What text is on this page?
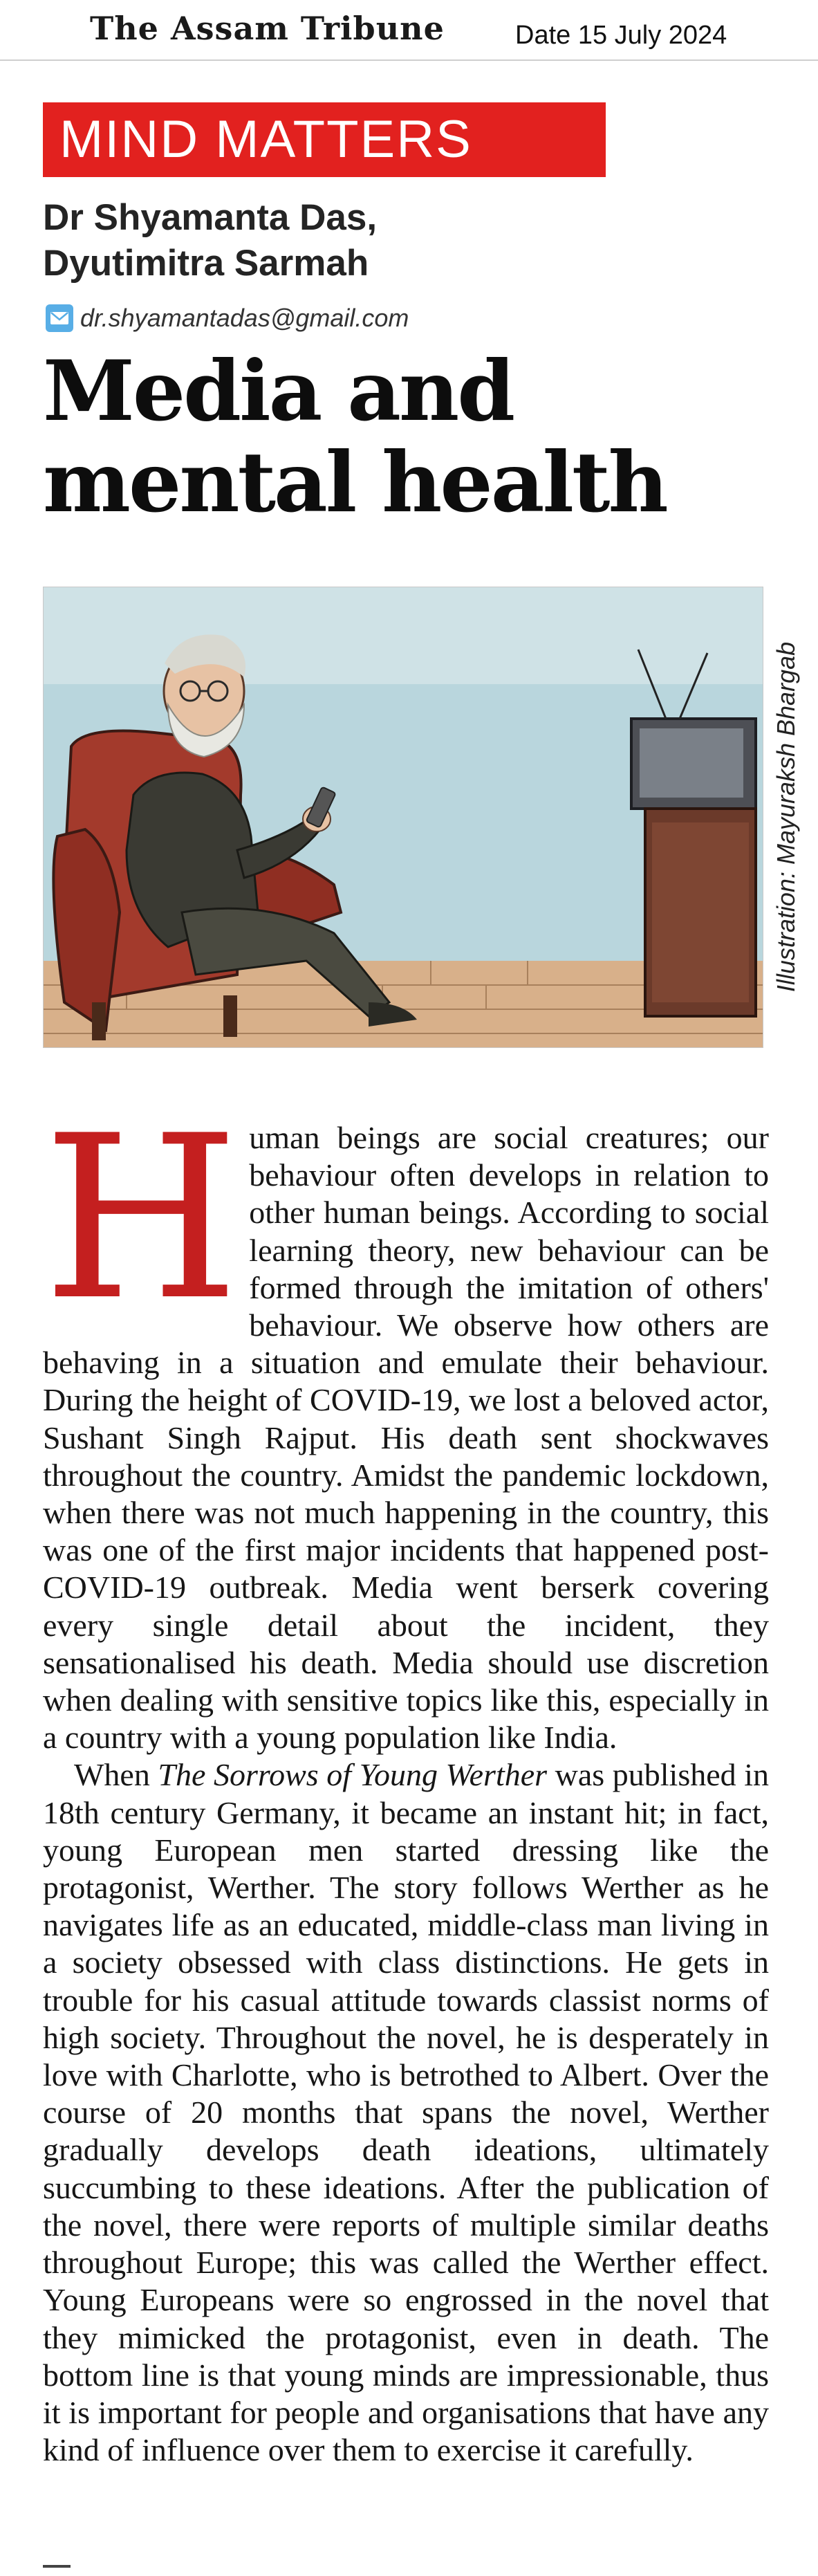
The Assam Tribune	Date 15 July 2024
MIND MATTERS
Dr Shyamanta Das,
Dyutimitra Sarmah
dr.shyamantadas@gmail.com
Media and
mental health
Illustration: Mayuraksh Bhargab

Human beings are social creatures; our behaviour often develops in relation to other human beings. According to social learning theory, new behaviour can be formed through the imitation of others' behaviour. We observe how others are behaving in a situation and emulate their behaviour. During the height of COVID-19, we lost a beloved actor, Sushant Singh Rajput. His death sent shockwaves throughout the country. Amidst the pandemic lockdown, when there was not much happening in the country, this was one of the first major incidents that happened post-COVID-19 outbreak. Media went berserk covering every single detail about the incident, they sensationalised his death. Media should use discretion when dealing with sensitive topics like this, especially in a country with a young population like India.

When The Sorrows of Young Werther was published in 18th century Germany, it became an instant hit; in fact, young European men started dressing like the protagonist, Werther. The story follows Werther as he navigates life as an educated, middle-class man living in a society obsessed with class distinctions. He gets in trouble for his casual attitude towards classist norms of high society. Throughout the novel, he is desperately in love with Charlotte, who is betrothed to Albert. Over the course of 20 months that spans the novel, Werther gradually develops death ideations, ultimately succumbing to these ideations. After the publication of the novel, there were reports of multiple similar deaths throughout Europe; this was called the Werther effect. Young Europeans were so engrossed in the novel that they mimicked the protagonist, even in death. The bottom line is that young minds are impressionable, thus it is important for people and organisations that have any kind of influence over them to exercise it carefully.
